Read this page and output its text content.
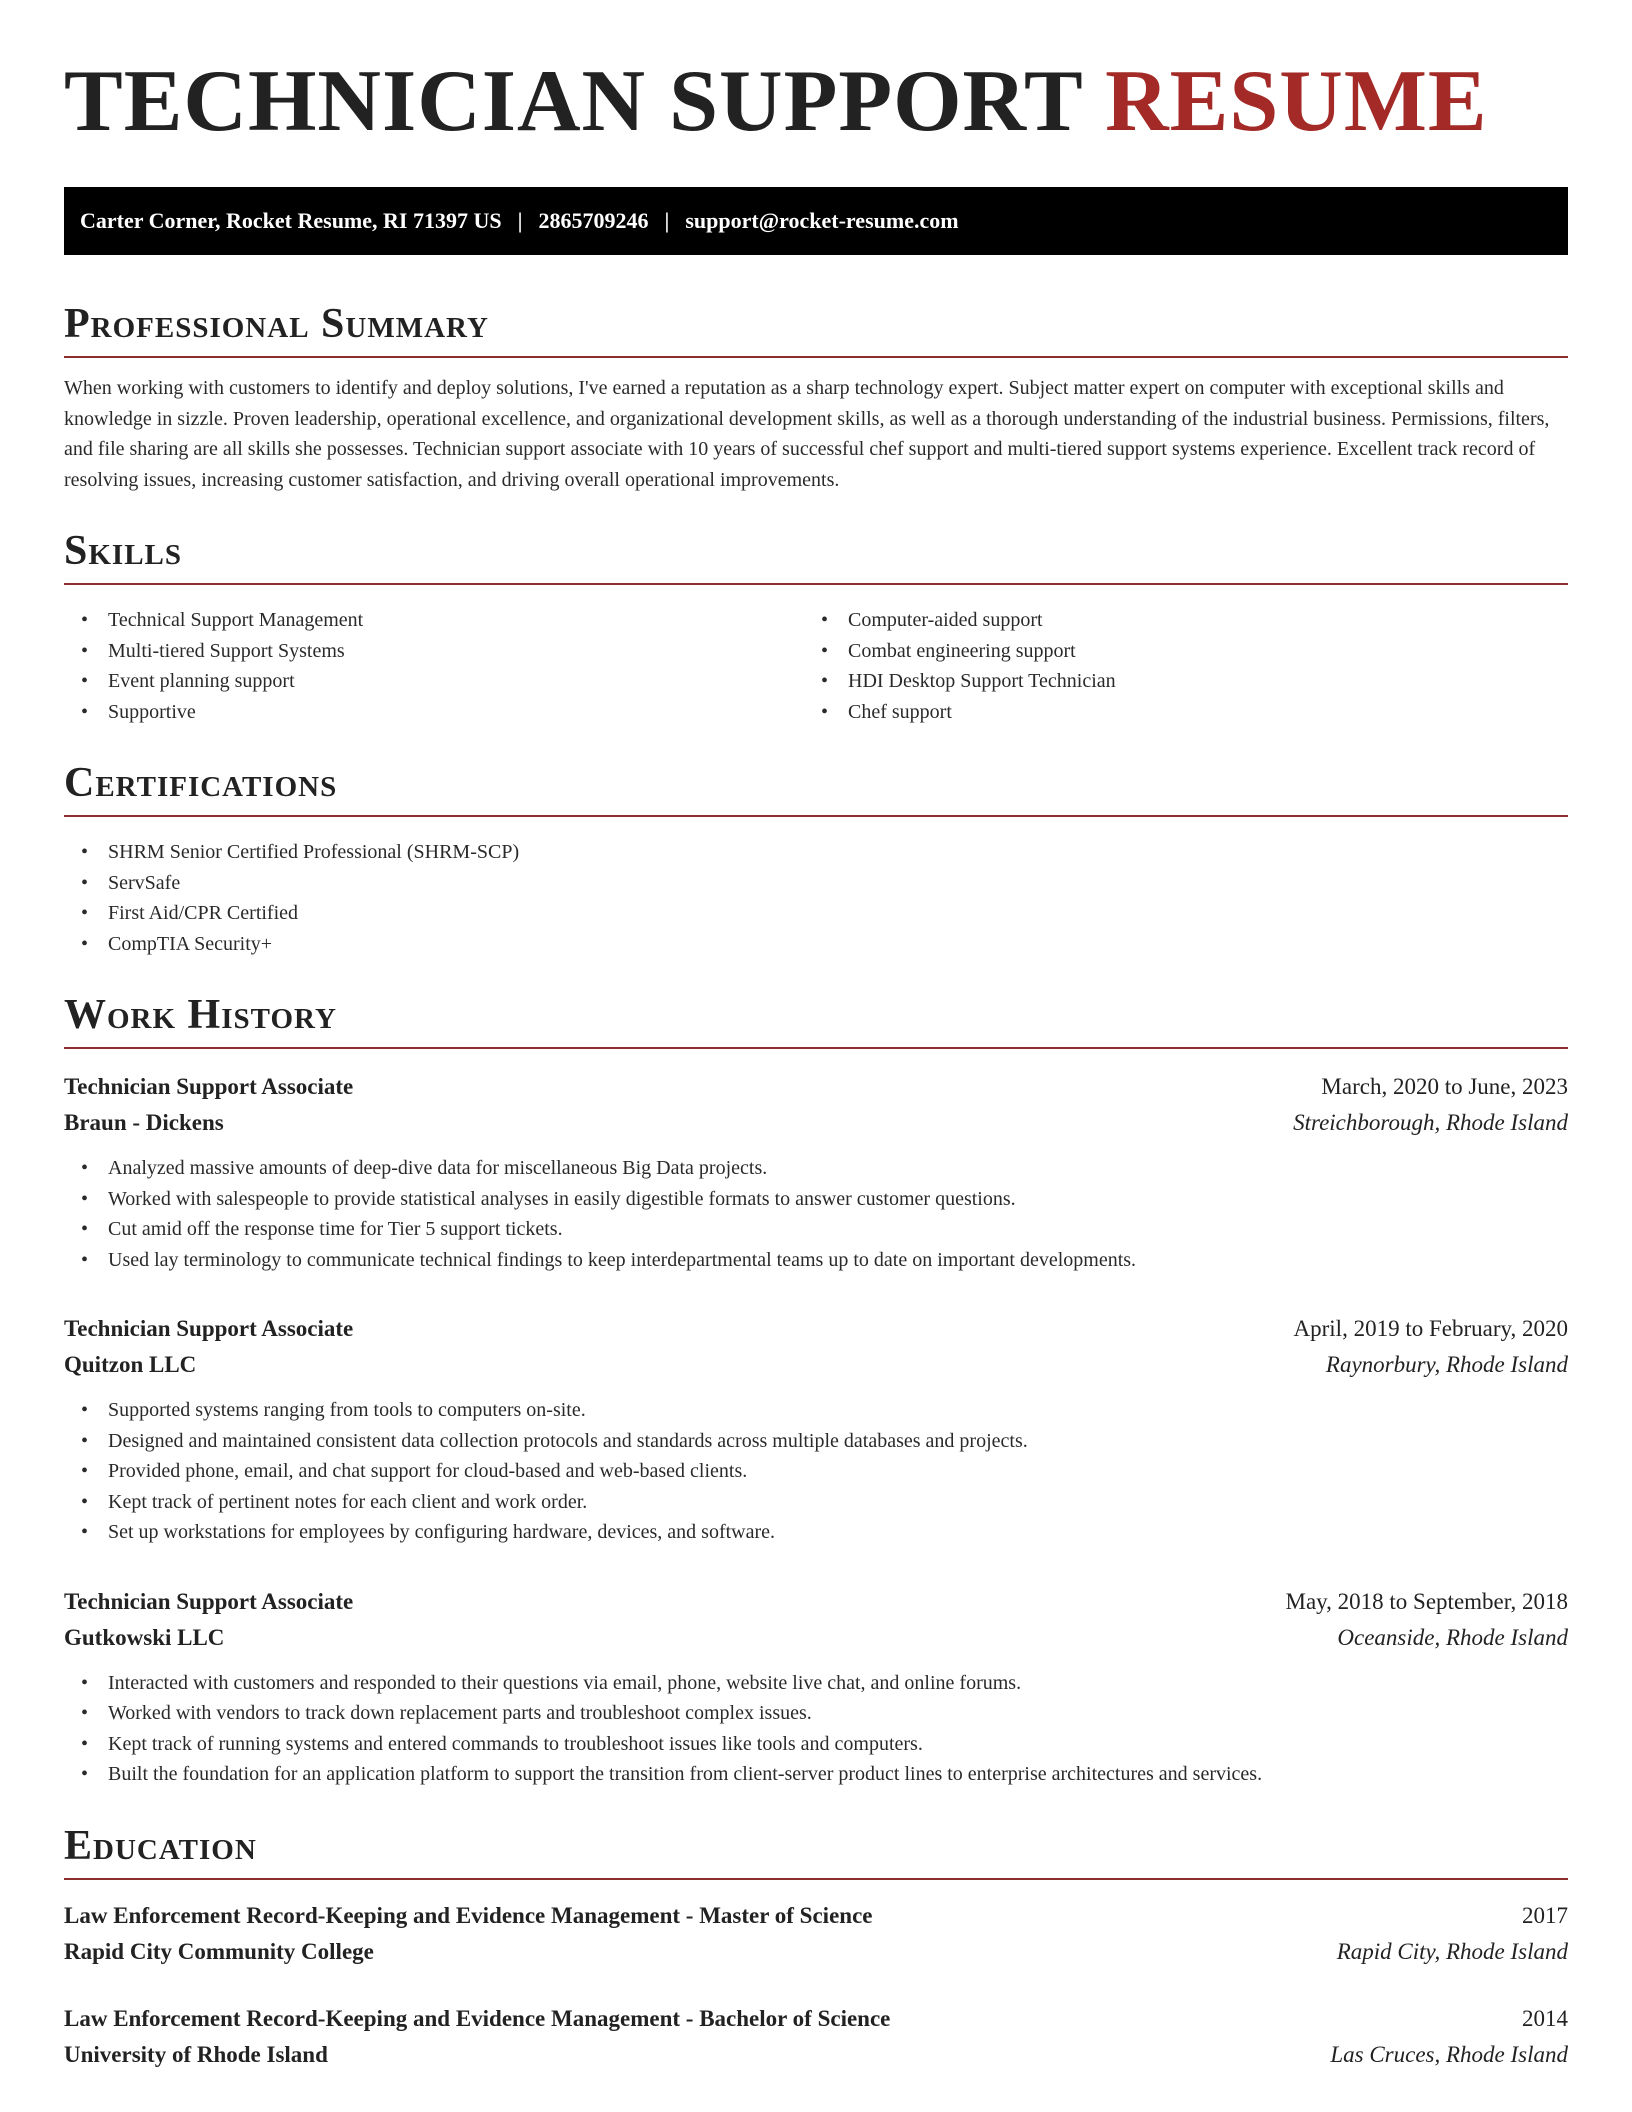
TECHNICIAN SUPPORT RESUME
Carter Corner, Rocket Resume, RI 71397 US | 2865709246 | support@rocket-resume.com
Professional Summary

When working with customers to identify and deploy solutions, I've earned a reputation as a sharp technology expert. Subject matter expert on computer with exceptional skills and knowledge in sizzle. Proven leadership, operational excellence, and organizational development skills, as well as a thorough understanding of the industrial business. Permissions, filters, and file sharing are all skills she possesses. Technician support associate with 10 years of successful chef support and multi-tiered support systems experience. Excellent track record of resolving issues, increasing customer satisfaction, and driving overall operational improvements.

Skills
• Technical Support Management
• Multi-tiered Support Systems
• Event planning support
• Supportive
• Computer-aided support
• Combat engineering support
• HDI Desktop Support Technician
• Chef support
Certifications
• SHRM Senior Certified Professional (SHRM-SCP)
• ServSafe
• First Aid/CPR Certified
• CompTIA Security+
Work History
Technician Support Associate	March, 2020 to June, 2023
Braun - Dickens	Streichborough, Rhode Island
• Analyzed massive amounts of deep-dive data for miscellaneous Big Data projects.
• Worked with salespeople to provide statistical analyses in easily digestible formats to answer customer questions.
• Cut amid off the response time for Tier 5 support tickets.
• Used lay terminology to communicate technical findings to keep interdepartmental teams up to date on important developments.
Technician Support Associate	April, 2019 to February, 2020
Quitzon LLC	Raynorbury, Rhode Island
• Supported systems ranging from tools to computers on-site.
• Designed and maintained consistent data collection protocols and standards across multiple databases and projects.
• Provided phone, email, and chat support for cloud-based and web-based clients.
• Kept track of pertinent notes for each client and work order.
• Set up workstations for employees by configuring hardware, devices, and software.
Technician Support Associate	May, 2018 to September, 2018
Gutkowski LLC	Oceanside, Rhode Island
• Interacted with customers and responded to their questions via email, phone, website live chat, and online forums.
• Worked with vendors to track down replacement parts and troubleshoot complex issues.
• Kept track of running systems and entered commands to troubleshoot issues like tools and computers.
• Built the foundation for an application platform to support the transition from client-server product lines to enterprise architectures and services.
Education
Law Enforcement Record-Keeping and Evidence Management - Master of Science	2017
Rapid City Community College	Rapid City, Rhode Island
Law Enforcement Record-Keeping and Evidence Management - Bachelor of Science	2014
University of Rhode Island	Las Cruces, Rhode Island
